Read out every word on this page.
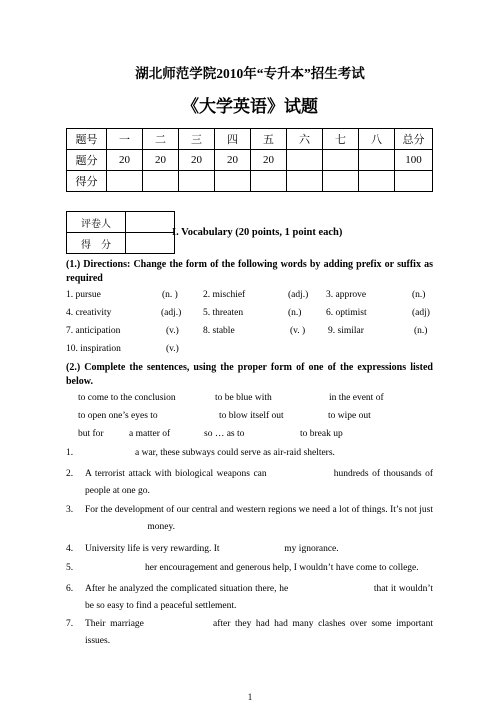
湖北师范学院2010年“专升本”招生考试
《大学英语》试题
题号	一	二	三	四	五	六	七	八	总分
题分	20	20	20	20	20				100
得分									
评卷人	
得　分	
I. Vocabulary (20 points, 1 point each)
(1.) Directions: Change the form of the following words by adding prefix or suffix as required
1. pursue	(n. )	2. mischief	(adj.) 3. approve	(n.)
4. creativity	(adj.) 5. threaten	(n.)	6. optimist	(adj)
7. anticipation	(v.)	8. stable	(v. ) 9. similar	(n.)
10. inspiration	(v.)
(2.) Complete the sentences, using the proper form of one of the expressions listed below.
to come to the conclusion	to be blue with	in the event of
to open one’s eyes to	to blow itself out	to wipe out
but for	a matter of	so … as to	to break up
1.	a war, these subways could serve as air-raid shelters.
2. A terrorist attack with biological weapons can	hundreds of thousands of people at one go.
3. For the development of our central and western regions we need a lot of things. It’s not just  money.
4. University life is very rewarding. It	my ignorance.
5.	her encouragement and generous help, I wouldn’t have come to college.
6. After he analyzed the complicated situation there, he	that it wouldn’t be so easy to find a peaceful settlement.
7. Their marriage	after they had had many clashes over some important issues.
1
